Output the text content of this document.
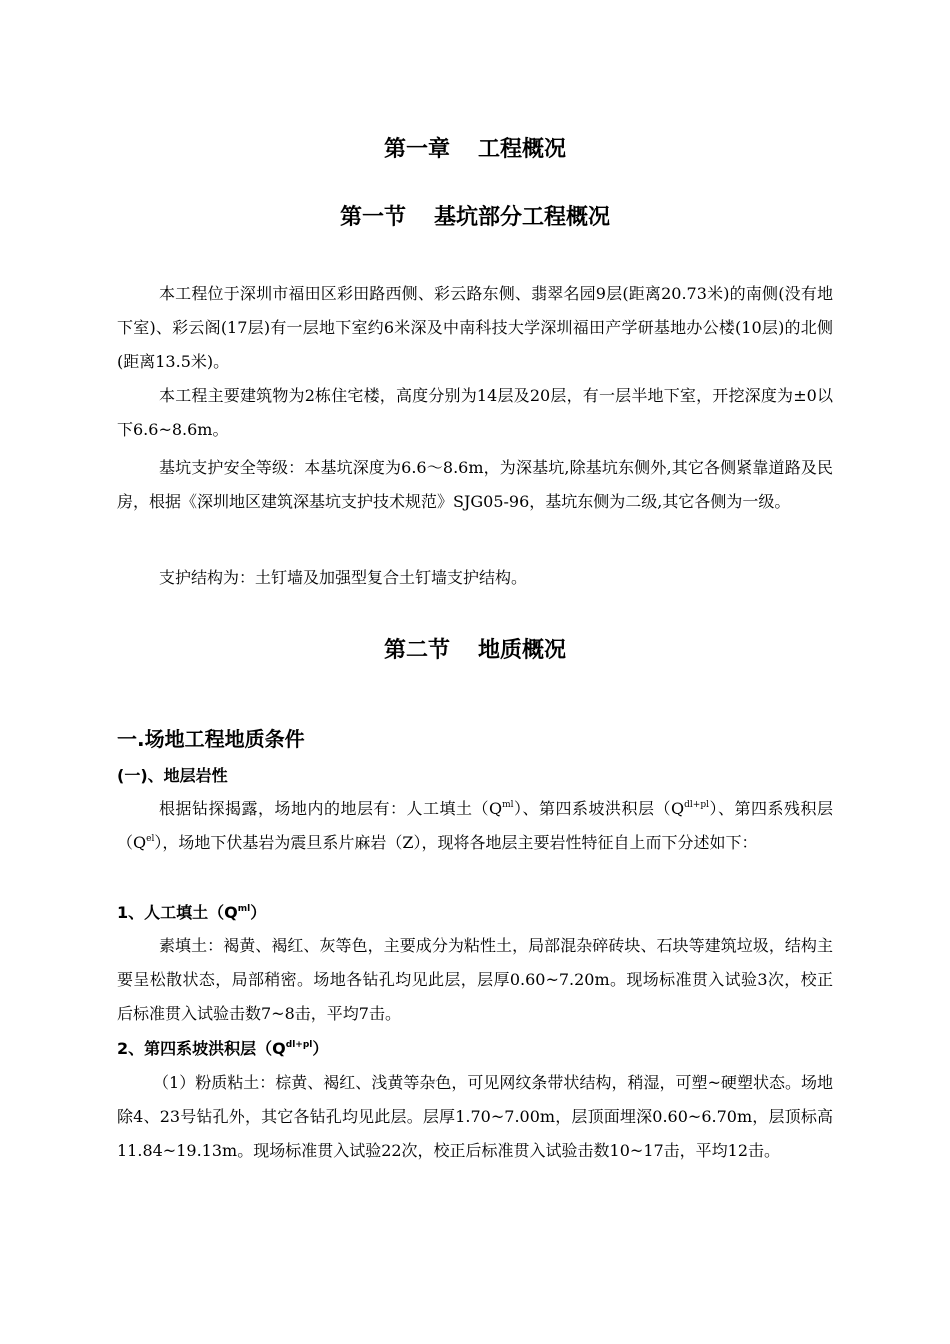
第一章 工程概况
第一节 基坑部分工程概况

本工程位于深圳市福田区彩田路西侧、彩云路东侧、翡翠名园9层(距离20.73米)的南侧(没有地下室)、彩云阁(17层)有一层地下室约6米深及中南科技大学深圳福田产学研基地办公楼(10层)的北侧(距离13.5米)。

本工程主要建筑物为2栋住宅楼，高度分别为14层及20层，有一层半地下室，开挖深度为±0以下6.6~8.6m。

基坑支护安全等级：本基坑深度为6.6～8.6m，为深基坑,除基坑东侧外,其它各侧紧靠道路及民房，根据《深圳地区建筑深基坑支护技术规范》SJG05-96，基坑东侧为二级,其它各侧为一级。

支护结构为：土钉墙及加强型复合土钉墙支护结构。

第二节 地质概况
一.场地工程地质条件
(一)、地层岩性

根据钻探揭露，场地内的地层有：人工填土$(Q^{ml})$、第四系坡洪积层$(Q^{dl+pl})$、第四系残积层$(Q^{el})$，场地下伏基岩为震旦系片麻岩（Z），现将各地层主要岩性特征自上而下分述如下：

1、人工填土$(Q^{ml})$

素填土：褐黄、褐红、灰等色，主要成分为粘性土，局部混杂碎砖块、石块等建筑垃圾，结构主要呈松散状态，局部稍密。场地各钻孔均见此层，层厚0.60~7.20m。现场标准贯入试验3次，校正后标准贯入试验击数7~8击，平均7击。

2、第四系坡洪积层$(Q^{dl+pl})$

（1）粉质粘土：棕黄、褐红、浅黄等杂色，可见网纹条带状结构，稍湿，可塑~硬塑状态。场地除4、23号钻孔外，其它各钻孔均见此层。层厚1.70~7.00m，层顶面埋深0.60~6.70m，层顶标高11.84~19.13m。现场标准贯入试验22次，校正后标准贯入试验击数10~17击，平均12击。
